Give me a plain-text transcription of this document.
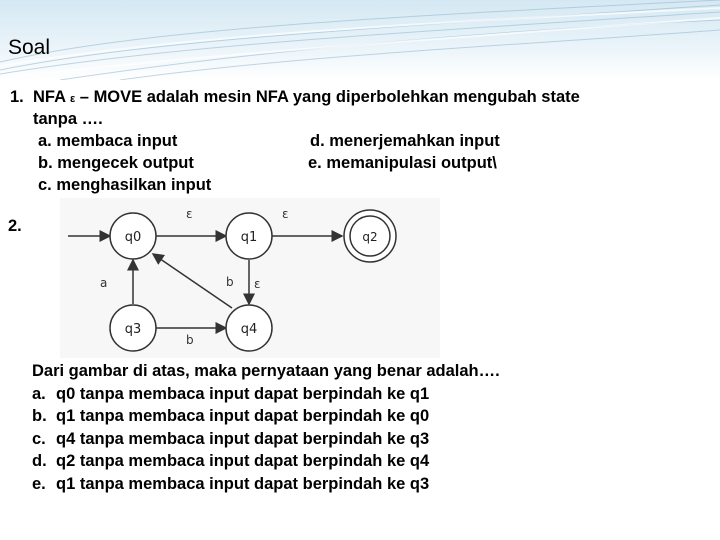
Soal
1. NFA ε – MOVE adalah mesin NFA yang diperbolehkan mengubah state
tanpa ….
a. membaca input
b. mengecek output
c. menghasilkan input
d. menerjemahkan input
e. memanipulasi output\
2.
ε	ε
a	b ε
b
q0	q1	q2
q3	q4
Dari gambar di atas, maka pernyataan yang benar adalah….
a. q0 tanpa membaca input dapat berpindah ke q1
b. q1 tanpa membaca input dapat berpindah ke q0
c. q4 tanpa membaca input dapat berpindah ke q3
d. q2 tanpa membaca input dapat berpindah ke q4
e. q1 tanpa membaca input dapat berpindah ke q3
